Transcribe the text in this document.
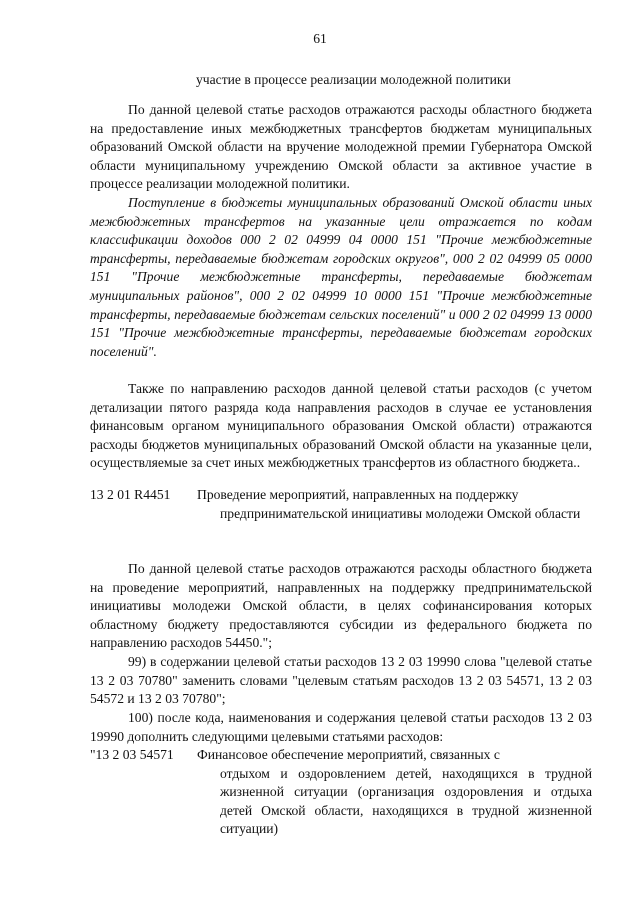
61
участие в процессе реализации молодежной политики

По данной целевой статье расходов отражаются расходы областного бюджета на предоставление иных межбюджетных трансфертов бюджетам муниципальных образований Омской области на вручение молодежной премии Губернатора Омской области муниципальному учреждению Омской области за активное участие в процессе реализации молодежной политики.

Поступление в бюджеты муниципальных образований Омской области иных межбюджетных трансфертов на указанные цели отражается по кодам классификации доходов 000 2 02 04999 04 0000 151 "Прочие межбюджетные трансферты, передаваемые бюджетам городских округов", 000 2 02 04999 05 0000 151 "Прочие межбюджетные трансферты, передаваемые бюджетам муниципальных районов", 000 2 02 04999 10 0000 151 "Прочие межбюджетные трансферты, передаваемые бюджетам сельских поселений" и 000 2 02 04999 13 0000 151 "Прочие межбюджетные трансферты, передаваемые бюджетам городских поселений".

Также по направлению расходов данной целевой статьи расходов (с учетом детализации пятого разряда кода направления расходов в случае ее установления финансовым органом муниципального образования Омской области) отражаются расходы бюджетов муниципальных образований Омской области на указанные цели, осуществляемые за счет иных межбюджетных трансфертов из областного бюджета..

13 2 01 R4451 Проведение мероприятий, направленных на поддержку
предпринимательской инициативы молодежи Омской области

По данной целевой статье расходов отражаются расходы областного бюджета на проведение мероприятий, направленных на поддержку предпринимательской инициативы молодежи Омской области, в целях софинансирования которых областному бюджету предоставляются субсидии из федерального бюджета по направлению расходов 54450.";

99) в содержании целевой статьи расходов 13 2 03 19990 слова "целевой статье 13 2 03 70780" заменить словами "целевым статьям расходов 13 2 03 54571, 13 2 03 54572 и 13 2 03 70780";

100) после кода, наименования и содержания целевой статьи расходов 13 2 03 19990 дополнить следующими целевыми статьями расходов:

"13 2 03 54571 Финансовое обеспечение мероприятий, связанных с
отдыхом и оздоровлением детей, находящихся в трудной жизненной ситуации (организация оздоровления и отдыха детей Омской области, находящихся в трудной жизненной ситуации)
